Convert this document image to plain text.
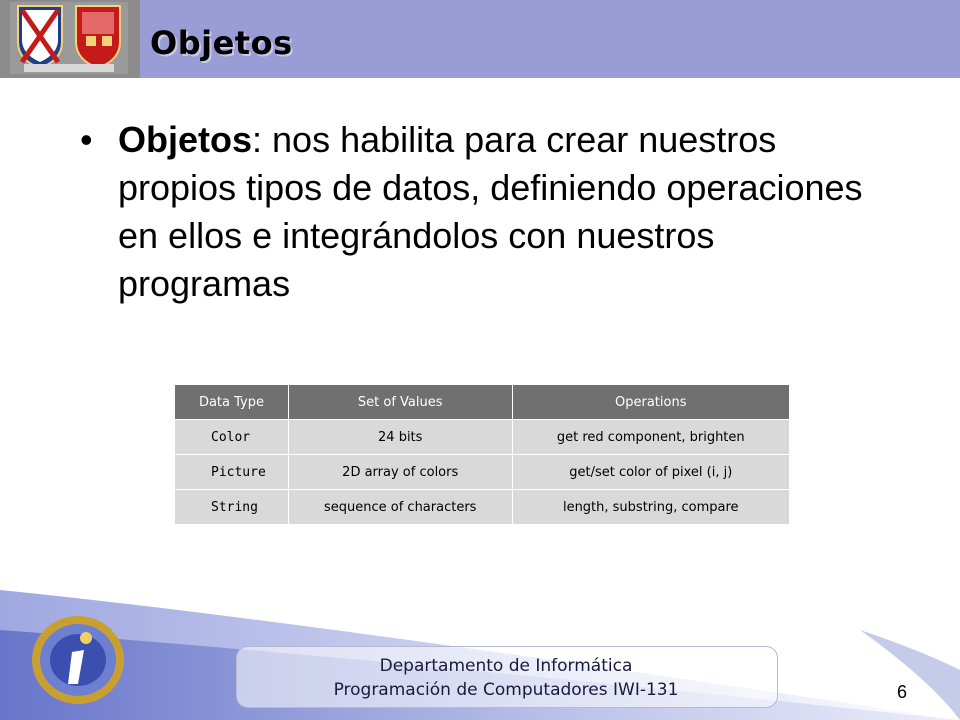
Objetos
• Objetos: nos habilita para crear nuestros propios tipos de datos, definiendo operaciones en ellos e integrándolos con nuestros programas
Data Type	Set of Values	Operations
Color	24 bits	get red component, brighten
Picture	2D array of colors	get/set color of pixel (i, j)
String	sequence of characters	length, substring, compare
Departamento de Informática
Programación de Computadores IWI-131	6
